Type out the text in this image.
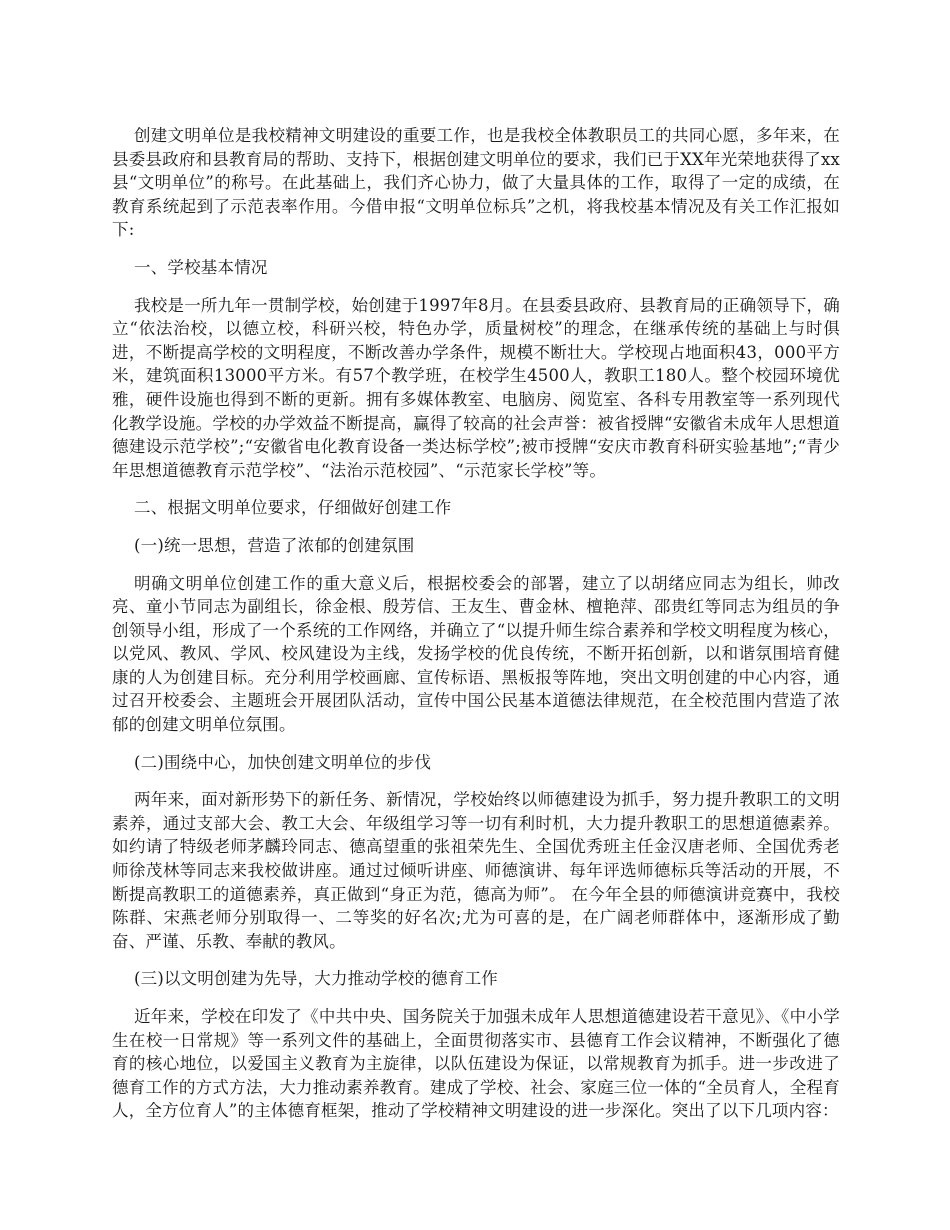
创建文明单位是我校精神文明建设的重要工作，也是我校全体教职员工的共同心愿，多年来，在县委县政府和县教育局的帮助、支持下，根据创建文明单位的要求，我们已于XX年光荣地获得了xx县“文明单位”的称号。在此基础上，我们齐心协力，做了大量具体的工作，取得了一定的成绩，在教育系统起到了示范表率作用。今借申报“文明单位标兵”之机，将我校基本情况及有关工作汇报如下:

一、学校基本情况

我校是一所九年一贯制学校，始创建于1997年8月。在县委县政府、县教育局的正确领导下，确立“依法治校，以德立校，科研兴校，特色办学，质量树校”的理念，在继承传统的基础上与时俱进，不断提高学校的文明程度，不断改善办学条件，规模不断壮大。学校现占地面积43，000平方米，建筑面积13000平方米。有57个教学班，在校学生4500人，教职工180人。整个校园环境优雅，硬件设施也得到不断的更新。拥有多媒体教室、电脑房、阅览室、各科专用教室等一系列现代化教学设施。学校的办学效益不断提高，赢得了较高的社会声誉：被省授牌“安徽省未成年人思想道德建设示范学校”;“安徽省电化教育设备一类达标学校”;被市授牌“安庆市教育科研实验基地”;“青少年思想道德教育示范学校”、“法治示范校园”、“示范家长学校”等。

二、根据文明单位要求，仔细做好创建工作

(一)统一思想，营造了浓郁的创建氛围

明确文明单位创建工作的重大意义后，根据校委会的部署，建立了以胡绪应同志为组长，帅改亮、童小节同志为副组长，徐金根、殷芳信、王友生、曹金林、檀艳萍、邵贵红等同志为组员的争创领导小组，形成了一个系统的工作网络，并确立了“以提升师生综合素养和学校文明程度为核心，以党风、教风、学风、校风建设为主线，发扬学校的优良传统，不断开拓创新，以和谐氛围培育健康的人为创建目标。充分利用学校画廊、宣传标语、黑板报等阵地，突出文明创建的中心内容，通过召开校委会、主题班会开展团队活动，宣传中国公民基本道德法律规范，在全校范围内营造了浓郁的创建文明单位氛围。

(二)围绕中心，加快创建文明单位的步伐

两年来，面对新形势下的新任务、新情况，学校始终以师德建设为抓手，努力提升教职工的文明素养，通过支部大会、教工大会、年级组学习等一切有利时机，大力提升教职工的思想道德素养。如约请了特级老师茅麟玲同志、德高望重的张祖荣先生、全国优秀班主任金汉唐老师、全国优秀老师徐茂林等同志来我校做讲座。通过过倾听讲座、师德演讲、每年评选师德标兵等活动的开展，不断提高教职工的道德素养，真正做到“身正为范，德高为师”。 在今年全县的师德演讲竞赛中，我校陈群、宋燕老师分别取得一、二等奖的好名次;尤为可喜的是，在广阔老师群体中，逐渐形成了勤奋、严谨、乐教、奉献的教风。

(三)以文明创建为先导，大力推动学校的德育工作

近年来，学校在印发了《中共中央、国务院关于加强未成年人思想道德建设若干意见》、《中小学生在校一日常规》等一系列文件的基础上，全面贯彻落实市、县德育工作会议精神，不断强化了德育的核心地位，以爱国主义教育为主旋律，以队伍建设为保证，以常规教育为抓手。进一步改进了德育工作的方式方法，大力推动素养教育。建成了学校、社会、家庭三位一体的“全员育人，全程育人，全方位育人”的主体德育框架，推动了学校精神文明建设的进一步深化。突出了以下几项内容：
